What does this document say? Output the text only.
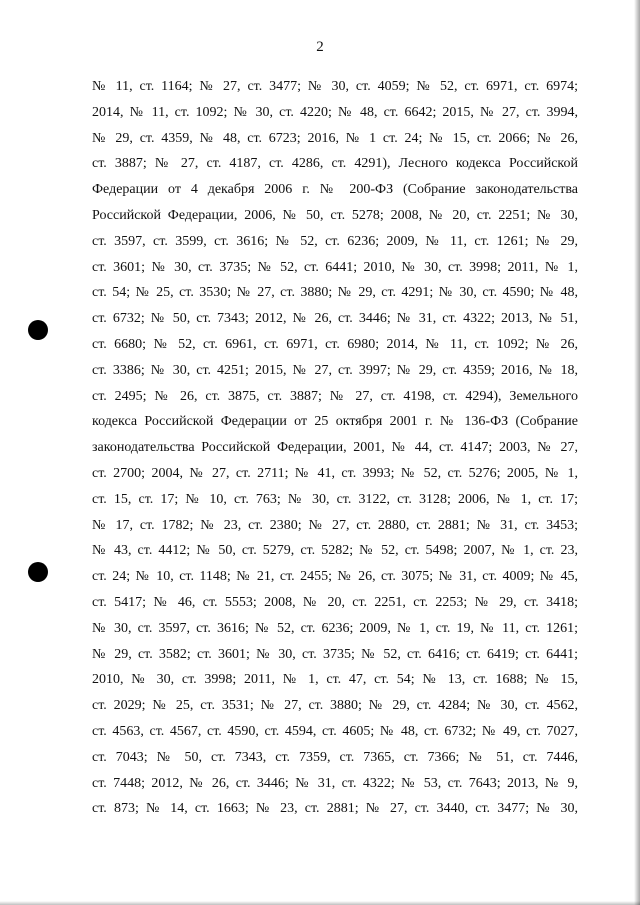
2
№ 11, ст. 1164; № 27, ст. 3477; № 30, ст. 4059; № 52, ст. 6971, ст. 6974;
2014, № 11, ст. 1092; № 30, ст. 4220; № 48, ст. 6642; 2015, № 27, ст. 3994,
№ 29, ст. 4359, № 48, ст. 6723; 2016, № 1 ст. 24; № 15, ст. 2066; № 26,
ст. 3887; № 27, ст. 4187, ст. 4286, ст. 4291), Лесного кодекса Российской
Федерации от 4 декабря 2006 г. № 200-ФЗ (Собрание законодательства
Российской Федерации, 2006, № 50, ст. 5278; 2008, № 20, ст. 2251; № 30,
ст. 3597, ст. 3599, ст. 3616; № 52, ст. 6236; 2009, № 11, ст. 1261; № 29,
ст. 3601; № 30, ст. 3735; № 52, ст. 6441; 2010, № 30, ст. 3998; 2011, № 1,
ст. 54; № 25, ст. 3530; № 27, ст. 3880; № 29, ст. 4291; № 30, ст. 4590; № 48,
ст. 6732; № 50, ст. 7343; 2012, № 26, ст. 3446; № 31, ст. 4322; 2013, № 51,
ст. 6680; № 52, ст. 6961, ст. 6971, ст. 6980; 2014, № 11, ст. 1092; № 26,
ст. 3386; № 30, ст. 4251; 2015, № 27, ст. 3997; № 29, ст. 4359; 2016, № 18,
ст. 2495; № 26, ст. 3875, ст. 3887; № 27, ст. 4198, ст. 4294), Земельного
кодекса Российской Федерации от 25 октября 2001 г. № 136-ФЗ (Собрание
законодательства Российской Федерации, 2001, № 44, ст. 4147; 2003, № 27,
ст. 2700; 2004, № 27, ст. 2711; № 41, ст. 3993; № 52, ст. 5276; 2005, № 1,
ст. 15, ст. 17; № 10, ст. 763; № 30, ст. 3122, ст. 3128; 2006, № 1, ст. 17;
№ 17, ст. 1782; № 23, ст. 2380; № 27, ст. 2880, ст. 2881; № 31, ст. 3453;
№ 43, ст. 4412; № 50, ст. 5279, ст. 5282; № 52, ст. 5498; 2007, № 1, ст. 23,
ст. 24; № 10, ст. 1148; № 21, ст. 2455; № 26, ст. 3075; № 31, ст. 4009; № 45,
ст. 5417; № 46, ст. 5553; 2008, № 20, ст. 2251, ст. 2253; № 29, ст. 3418;
№ 30, ст. 3597, ст. 3616; № 52, ст. 6236; 2009, № 1, ст. 19, № 11, ст. 1261;
№ 29, ст. 3582; ст. 3601; № 30, ст. 3735; № 52, ст. 6416; ст. 6419; ст. 6441;
2010, № 30, ст. 3998; 2011, № 1, ст. 47, ст. 54; № 13, ст. 1688; № 15,
ст. 2029; № 25, ст. 3531; № 27, ст. 3880; № 29, ст. 4284; № 30, ст. 4562,
ст. 4563, ст. 4567, ст. 4590, ст. 4594, ст. 4605; № 48, ст. 6732; № 49, ст. 7027,
ст. 7043; № 50, ст. 7343, ст. 7359, ст. 7365, ст. 7366; № 51, ст. 7446,
ст. 7448; 2012, № 26, ст. 3446; № 31, ст. 4322; № 53, ст. 7643; 2013, № 9,
ст. 873; № 14, ст. 1663; № 23, ст. 2881; № 27, ст. 3440, ст. 3477; № 30,
